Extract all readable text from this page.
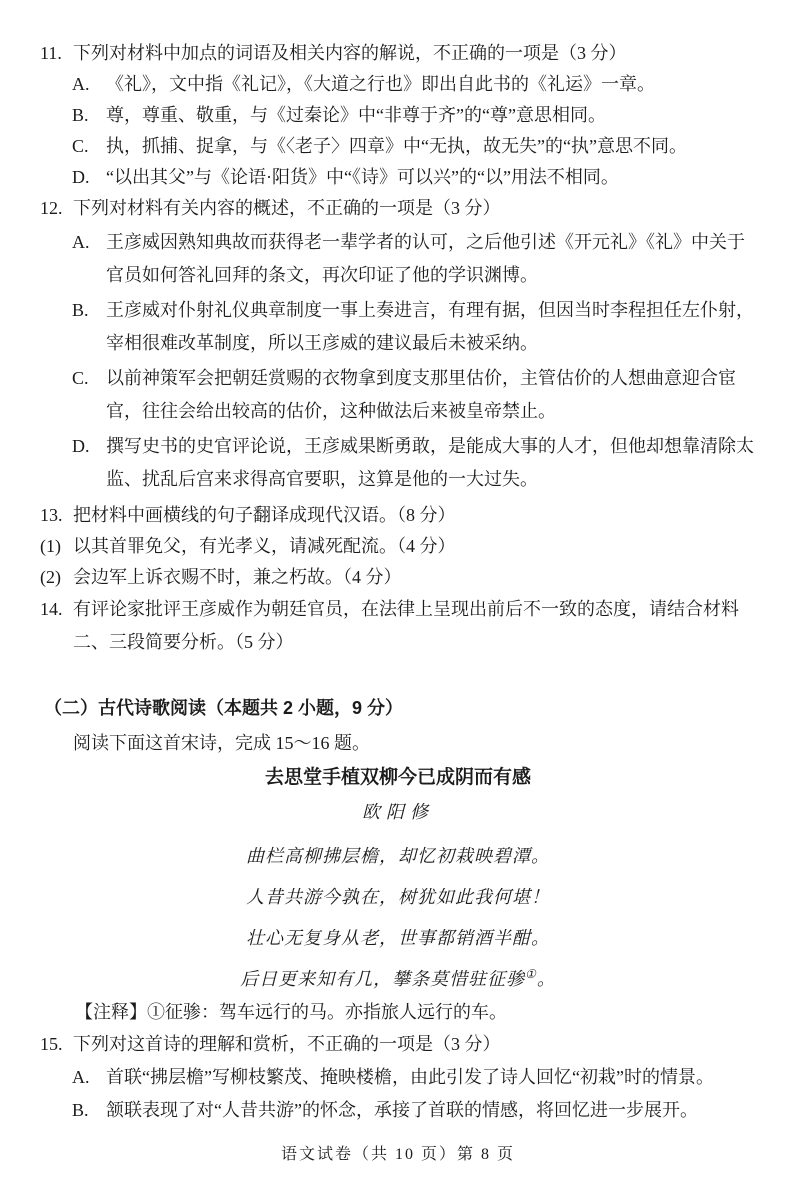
11. 下列对材料中加点的词语及相关内容的解说，不正确的一项是（3 分）
A. 《礼》，文中指《礼记》，《大道之行也》即出自此书的《礼运》一章。
B. 尊，尊重、敬重，与《过秦论》中“非尊于齐”的“尊”意思相同。
C. 执，抓捕、捉拿，与《〈老子〉四章》中“无执，故无失”的“执”意思不同。
D. “以出其父”与《论语·阳货》中“《诗》可以兴”的“以”用法不相同。
12. 下列对材料有关内容的概述，不正确的一项是（3 分）
A. 王彦威因熟知典故而获得老一辈学者的认可，之后他引述《开元礼》《礼》中关于官员如何答礼回拜的条文，再次印证了他的学识渊博。
B. 王彦威对仆射礼仪典章制度一事上奏进言，有理有据，但因当时李程担任左仆射，宰相很难改革制度，所以王彦威的建议最后未被采纳。
C. 以前神策军会把朝廷赏赐的衣物拿到度支那里估价，主管估价的人想曲意迎合宦官，往往会给出较高的估价，这种做法后来被皇帝禁止。
D. 撰写史书的史官评论说，王彦威果断勇敢，是能成大事的人才，但他却想靠清除太监、扰乱后宫来求得高官要职，这算是他的一大过失。
13. 把材料中画横线的句子翻译成现代汉语。（8 分）
(1) 以其首罪免父，有光孝义，请减死配流。（4 分）
(2) 会边军上诉衣赐不时，兼之朽故。（4 分）
14. 有评论家批评王彦威作为朝廷官员，在法律上呈现出前后不一致的态度，请结合材料二、三段简要分析。（5 分）
（二）古代诗歌阅读（本题共 2 小题，9 分）
阅读下面这首宋诗，完成 15～16 题。
去思堂手植双柳今已成阴而有感
欧阳修
曲栏高柳拂层檐，却忆初栽映碧潭。
人昔共游今孰在，树犹如此我何堪！
壮心无复身从老，世事都销酒半酣。
后日更来知有几，攀条莫惜驻征骖①。
【注释】①征骖：驾车远行的马。亦指旅人远行的车。
15. 下列对这首诗的理解和赏析，不正确的一项是（3 分）
A. 首联“拂层檐”写柳枝繁茂、掩映楼檐，由此引发了诗人回忆“初栽”时的情景。
B. 颔联表现了对“人昔共游”的怀念，承接了首联的情感，将回忆进一步展开。
语文试卷（共 10 页）第 8 页
